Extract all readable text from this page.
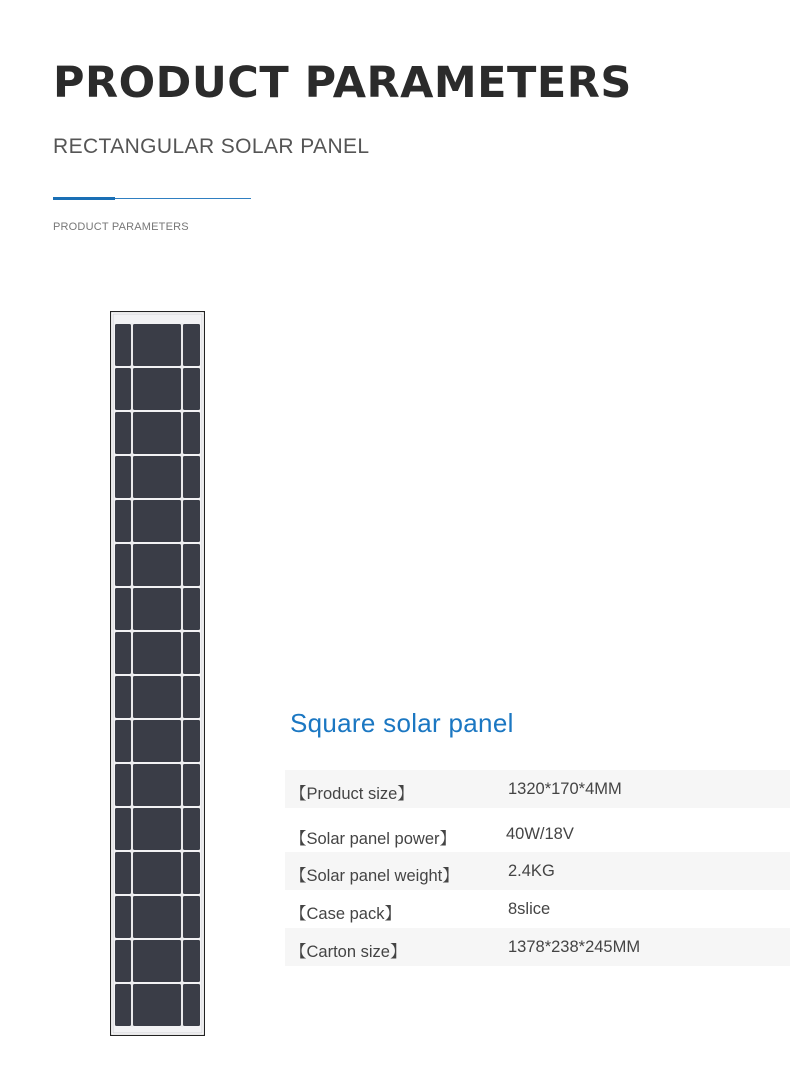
PRODUCT PARAMETERS
RECTANGULAR SOLAR PANEL
PRODUCT PARAMETERS
Square solar panel
【Product size】	1320*170*4MM
【Solar panel power】	40W/18V
【Solar panel weight】	2.4KG
【Case pack】	8slice
【Carton size】	1378*238*245MM
